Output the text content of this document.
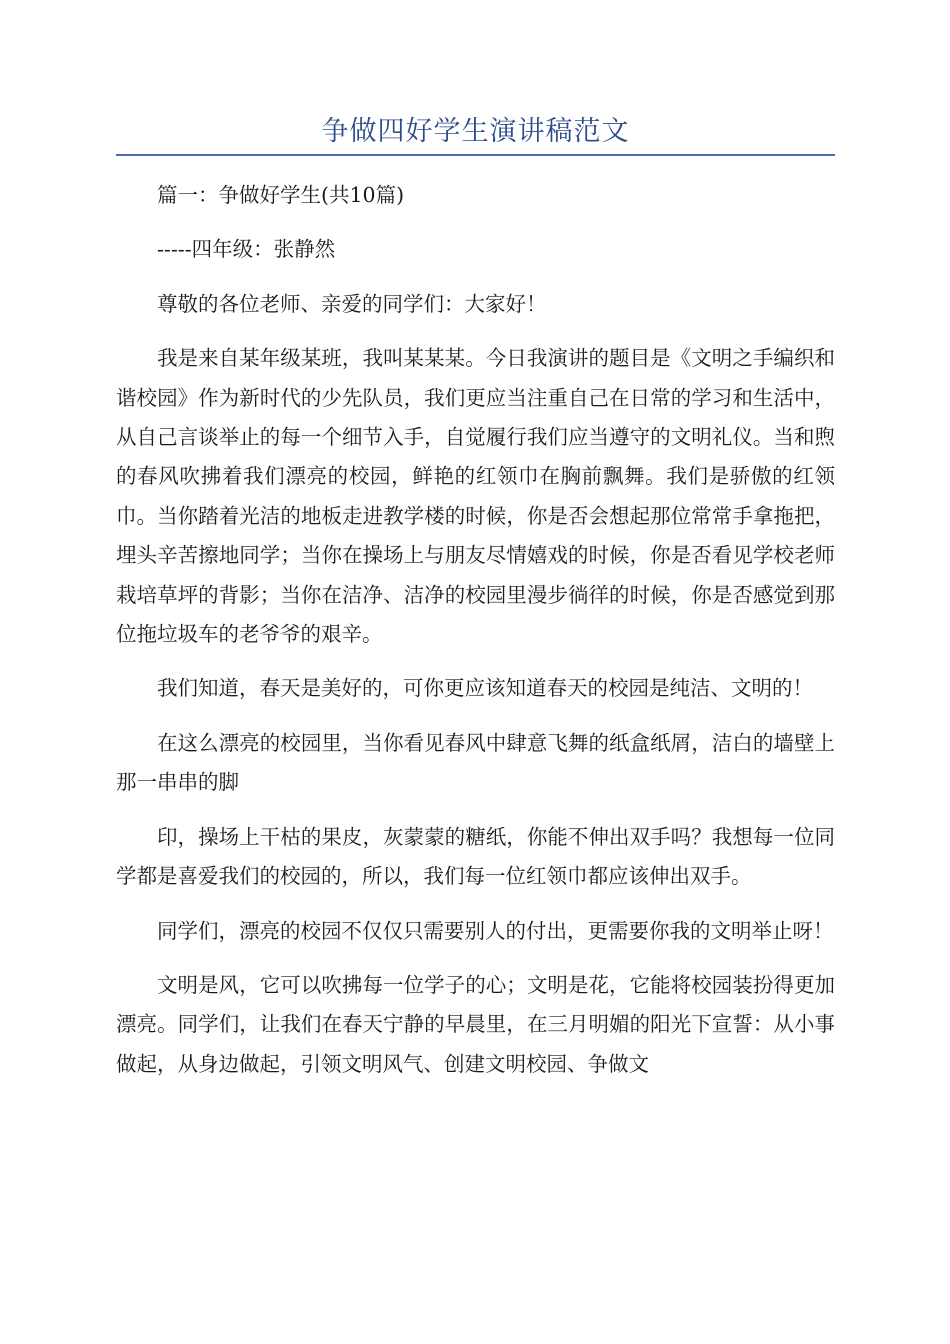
争做四好学生演讲稿范文

篇一：争做好学生(共10篇)

-----四年级：张静然

尊敬的各位老师、亲爱的同学们：大家好！

我是来自某年级某班，我叫某某某。今日我演讲的题目是《文明之手编织和谐校园》作为新时代的少先队员，我们更应当注重自己在日常的学习和生活中，从自己言谈举止的每一个细节入手，自觉履行我们应当遵守的文明礼仪。当和煦的春风吹拂着我们漂亮的校园，鲜艳的红领巾在胸前飘舞。我们是骄傲的红领巾。当你踏着光洁的地板走进教学楼的时候，你是否会想起那位常常手拿拖把，埋头辛苦擦地同学；当你在操场上与朋友尽情嬉戏的时候，你是否看见学校老师栽培草坪的背影；当你在洁净、洁净的校园里漫步徜徉的时候，你是否感觉到那位拖垃圾车的老爷爷的艰辛。

我们知道，春天是美好的，可你更应该知道春天的校园是纯洁、文明的！

在这么漂亮的校园里，当你看见春风中肆意飞舞的纸盒纸屑，洁白的墙壁上那一串串的脚

印，操场上干枯的果皮，灰蒙蒙的糖纸，你能不伸出双手吗？我想每一位同学都是喜爱我们的校园的，所以，我们每一位红领巾都应该伸出双手。

同学们，漂亮的校园不仅仅只需要别人的付出，更需要你我的文明举止呀！

文明是风，它可以吹拂每一位学子的心；文明是花，它能将校园装扮得更加漂亮。同学们，让我们在春天宁静的早晨里，在三月明媚的阳光下宣誓：从小事做起，从身边做起，引领文明风气、创建文明校园、争做文
